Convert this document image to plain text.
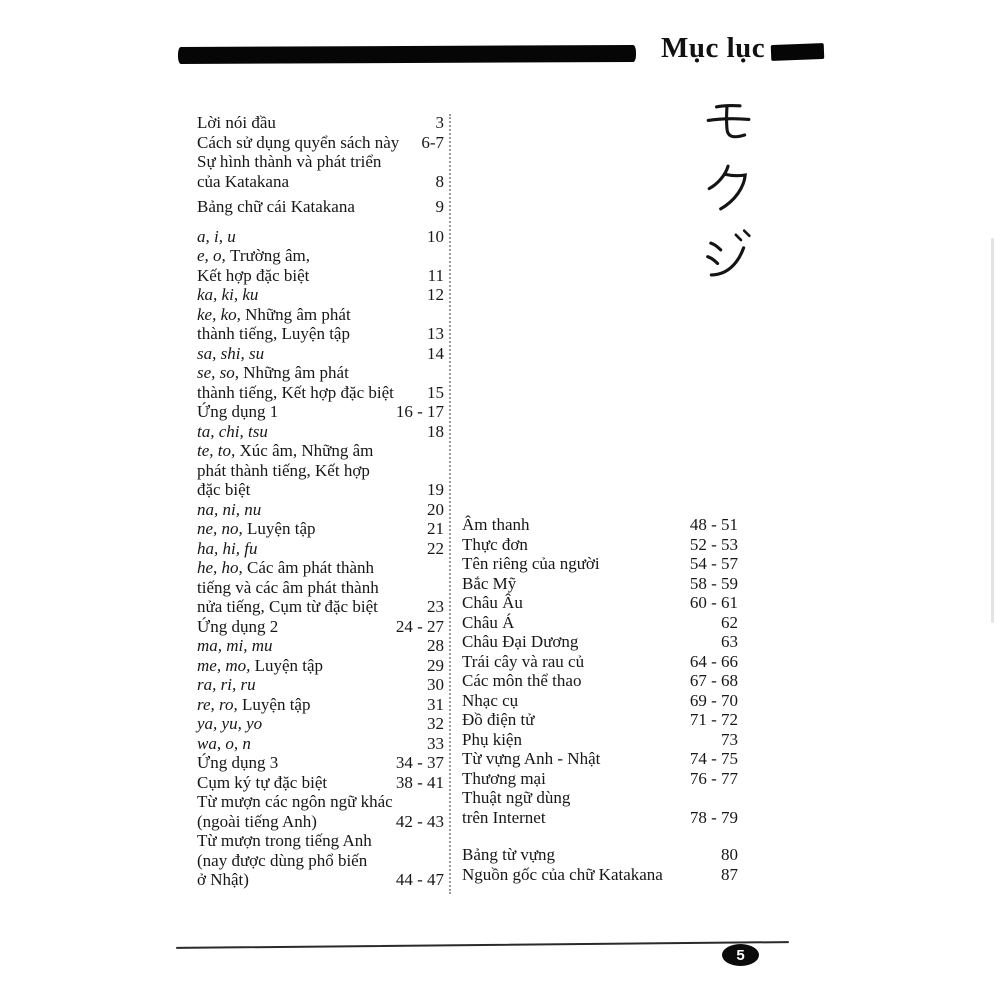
Mục lục
Lời nói đầu	3
Cách sử dụng quyển sách này	6-7
Sự hình thành và phát triển
của Katakana	8
Bảng chữ cái Katakana	9
a, i, u	10
e, o, Trường âm,
Kết hợp đặc biệt	11
ka, ki, ku	12
ke, ko, Những âm phát
thành tiếng, Luyện tập	13
sa, shi, su	14
se, so, Những âm phát
thành tiếng, Kết hợp đặc biệt	15
Ứng dụng 1	16 - 17
ta, chi, tsu	18
te, to, Xúc âm, Những âm
phát thành tiếng, Kết hợp
đặc biệt	19
na, ni, nu	20
ne, no, Luyện tập	21
ha, hi, fu	22
he, ho, Các âm phát thành
tiếng và các âm phát thành
nửa tiếng, Cụm từ đặc biệt	23
Ứng dụng 2	24 - 27
ma, mi, mu	28
me, mo, Luyện tập	29
ra, ri, ru	30
re, ro, Luyện tập	31
ya, yu, yo	32
wa, o, n	33
Ứng dụng 3	34 - 37
Cụm ký tự đặc biệt	38 - 41
Từ mượn các ngôn ngữ khác
(ngoài tiếng Anh)	42 - 43
Từ mượn trong tiếng Anh
(nay được dùng phổ biến
ở Nhật)	44 - 47
Âm thanh	48 - 51
Thực đơn	52 - 53
Tên riêng của người	54 - 57
Bắc Mỹ	58 - 59
Châu Âu	60 - 61
Châu Á	62
Châu Đại Dương	63
Trái cây và rau củ	64 - 66
Các môn thể thao	67 - 68
Nhạc cụ	69 - 70
Đồ điện tử	71 - 72
Phụ kiện	73
Từ vựng Anh - Nhật	74 - 75
Thương mại	76 - 77
Thuật ngữ dùng
trên Internet	78 - 79
Bảng từ vựng	80
Nguồn gốc của chữ Katakana	87
5
